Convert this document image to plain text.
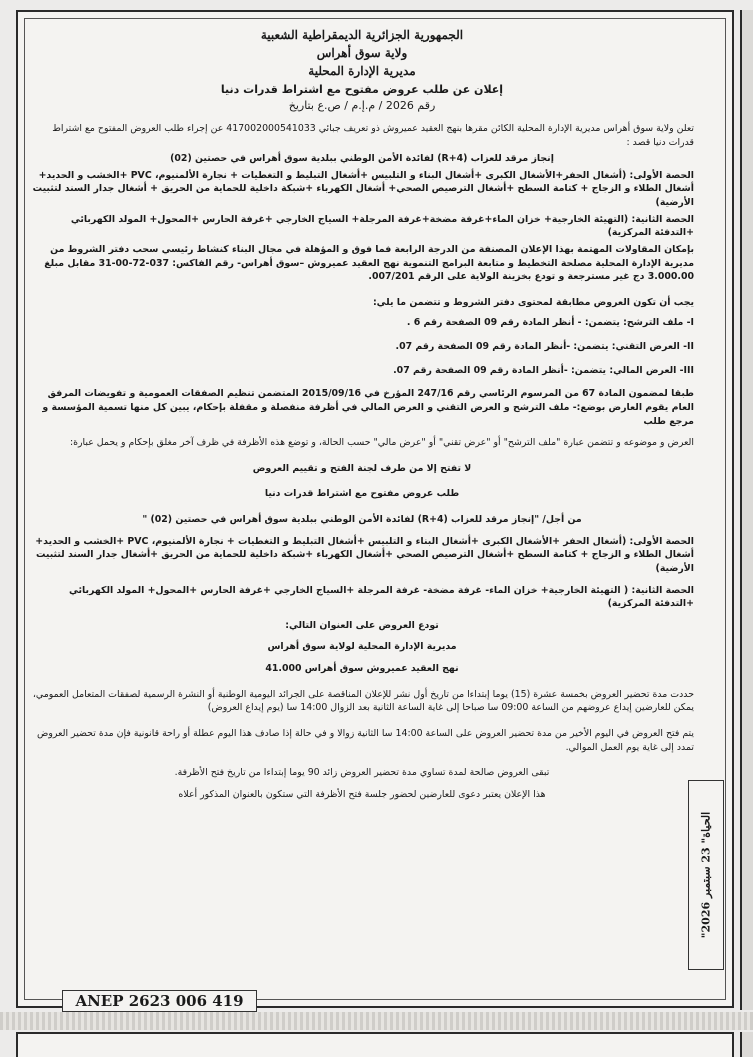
الجمهورية الجزائرية الديمقراطية الشعبية
ولاية سوق أهراس
مديرية الإدارة المحلية
إعلان عن طلب عروض مفتوح مع اشتراط قدرات دنيا
رقم 2026 / م.إ.م / ص.ع بتاريخ

تعلن ولاية سوق أهراس مديرية الإدارة المحلية الكائن مقرها بنهج العقيد عميروش ذو تعريف جبائي 417002000541033 عن إجراء طلب العروض المفتوح مع اشتراط قدرات دنيا قصد :

إنجاز مرقد للعزاب (R+4) لفائدة الأمن الوطني ببلدية سوق أهراس في حصتين (02)

الحصة الأولى: (أشغال الحفر+الأشغال الكبرى +أشغال البناء و التلبيس +أشغال التبليط و التغطيات + نجارة الألمنيوم، PVC +الخشب و الحديد+ أشغال الطلاء و الزجاج + كتامة السطح +أشغال الترصيص الصحي+ أشغال الكهرباء +شبكة داخلية للحماية من الحريق + أشغال جدار السند لتثبيت الأرضية)

الحصة الثانية: (التهيئة الخارجية+ خزان الماء+غرفة مضخة+غرفة المرجلة+ السياج الخارجي +غرفة الحارس +المحول+ المولد الكهربائي +التدفئة المركزية)

بإمكان المقاولات المهتمة بهذا الإعلان المصنفة من الدرجة الرابعة فما فوق و المؤهلة في مجال البناء كنشاط رئيسي سحب دفتر الشروط من مديرية الإدارة المحلية مصلحة التخطيط و متابعة البرامج التنموية نهج العقيد عميروش –سوق أهراس- رقم الفاكس: 037-72-00-31 مقابل مبلغ 3.000.00 دج غير مسترجعة و تودع بخزينة الولاية على الرقم 007/201.

يجب أن تكون العروض مطابقة لمحتوى دفتر الشروط و تتضمن ما يلي:

I- ملف الترشح: يتضمن: - أنظر المادة رقم 09 الصفحة رقم 6 .
II- العرض التقني: يتضمن: -أنظر المادة رقم 09 الصفحة رقم 07.
III- العرض المالي: يتضمن: -أنظر المادة رقم 09 الصفحة رقم 07.

طبقا لمضمون المادة 67 من المرسوم الرئاسي رقم 247/16 المؤرخ في 2015/09/16 المتضمن تنظيم الصفقات العمومية و تفويضات المرفق العام يقوم العارض بوضع:- ملف الترشح و العرض التقني و العرض المالي في أظرفة منفصلة و مقفلة بإحكام، يبين كل منها تسمية المؤسسة و مرجع طلب

العرض و موضوعه و تتضمن عبارة "ملف الترشح" أو "عرض تقني" أو "عرض مالي" حسب الحالة، و توضع هذه الأظرفة في ظرف آخر مغلق بإحكام و يحمل عبارة:

لا تفتح إلا من طرف لجنة الفتح و تقييم العروض

طلب عروض مفتوح مع اشتراط قدرات دنيا

من أجل/ "إنجاز مرقد للعزاب (R+4) لفائدة الأمن الوطني ببلدية سوق أهراس في حصتين (02) "

الحصة الأولى: (أشغال الحفر +الأشغال الكبرى +أشغال البناء و التلبيس +أشغال التبليط و التغطيات + نجارة الألمنيوم، PVC +الخشب و الحديد+ أشغال الطلاء و الزجاج + كتامة السطح +أشغال الترصيص الصحي +أشغال الكهرباء +شبكة داخلية للحماية من الحريق +أشغال جدار السند لتثبيت الأرضية)

الحصة الثانية: ( التهيئة الخارجية+ خزان الماء- غرفة مضخة- غرفة المرجلة +السياج الخارجي +غرفة الحارس +المحول+ المولد الكهربائي +التدفئة المركزية)

تودع العروض على العنوان التالي:

مديرية الإدارة المحلية لولاية سوق أهراس

نهج العقيد عميروش سوق أهراس 41.000

حددت مدة تحضير العروض بخمسة عشرة (15) يوما إبتداءا من تاريخ أول نشر للإعلان المناقصة على الجرائد اليومية الوطنية أو النشرة الرسمية لصفقات المتعامل العمومي، يمكن للعارضين إيداع عروضهم من الساعة 09:00 سا صباحا إلى غاية الساعة الثانية بعد الزوال 14:00 سا (يوم إيداع العروض)

يتم فتح العروض في اليوم الأخير من مدة تحضير العروض على الساعة 14:00 سا الثانية زوالا و في حالة إذا صادف هذا اليوم عطلة أو راحة قانونية فإن مدة تحضير العروض تمدد إلى غاية يوم العمل الموالي.

تبقى العروض صالحة لمدة تساوي مدة تحضير العروض زائد 90 يوما إبتداءا من تاريخ فتح الأظرفة.

هذا الإعلان يعتبر دعوى للعارضين لحضور جلسة فتح الأظرفة التي ستكون بالعنوان المذكور أعلاه

"الحياة" 23 سبتمبر 2026
ANEP 2623 006 419
